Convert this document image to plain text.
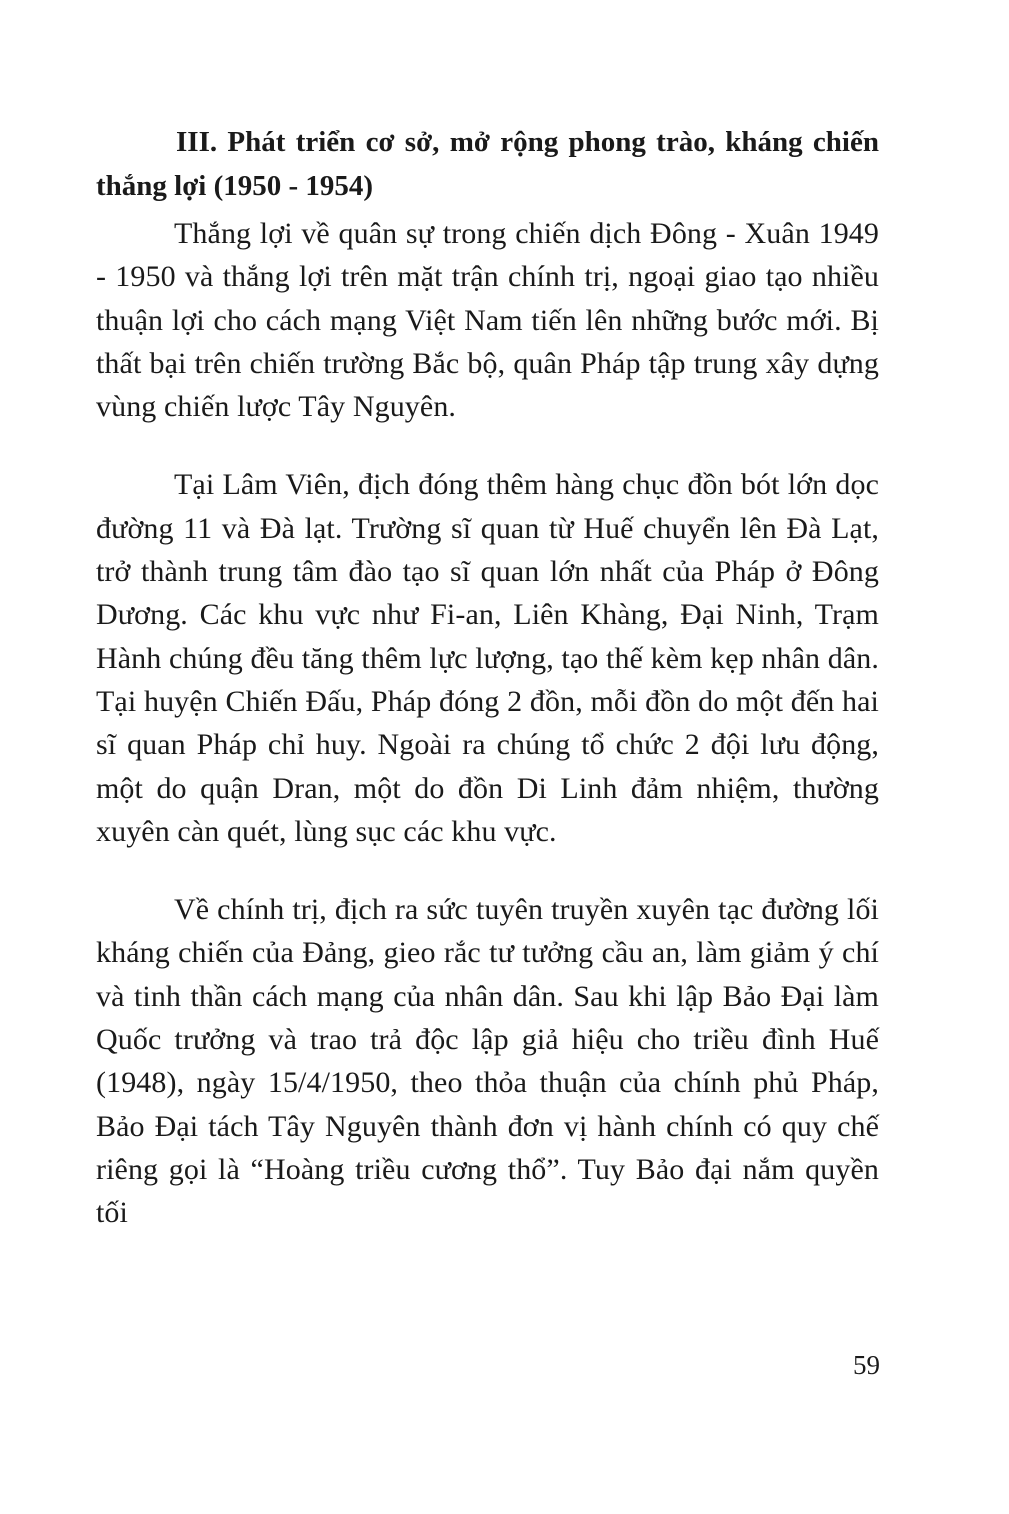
III. Phát triển cơ sở, mở rộng phong trào, kháng chiến thắng lợi (1950 - 1954)

Thắng lợi về quân sự trong chiến dịch Đông - Xuân 1949 - 1950 và thắng lợi trên mặt trận chính trị, ngoại giao tạo nhiều thuận lợi cho cách mạng Việt Nam tiến lên những bước mới. Bị thất bại trên chiến trường Bắc bộ, quân Pháp tập trung xây dựng vùng chiến lược Tây Nguyên.

Tại Lâm Viên, địch đóng thêm hàng chục đồn bót lớn dọc đường 11 và Đà lạt. Trường sĩ quan từ Huế chuyển lên Đà Lạt, trở thành trung tâm đào tạo sĩ quan lớn nhất của Pháp ở Đông Dương. Các khu vực như Fi-an, Liên Khàng, Đại Ninh, Trạm Hành chúng đều tăng thêm lực lượng, tạo thế kèm kẹp nhân dân. Tại huyện Chiến Đấu, Pháp đóng 2 đồn, mỗi đồn do một đến hai sĩ quan Pháp chỉ huy. Ngoài ra chúng tổ chức 2 đội lưu động, một do quận Dran, một do đồn Di Linh đảm nhiệm, thường xuyên càn quét, lùng sục các khu vực.

Về chính trị, địch ra sức tuyên truyền xuyên tạc đường lối kháng chiến của Đảng, gieo rắc tư tưởng cầu an, làm giảm ý chí và tinh thần cách mạng của nhân dân. Sau khi lập Bảo Đại làm Quốc trưởng và trao trả độc lập giả hiệu cho triều đình Huế (1948), ngày 15/4/1950, theo thỏa thuận của chính phủ Pháp, Bảo Đại tách Tây Nguyên thành đơn vị hành chính có quy chế riêng gọi là “Hoàng triều cương thổ”. Tuy Bảo đại nắm quyền tối

59
